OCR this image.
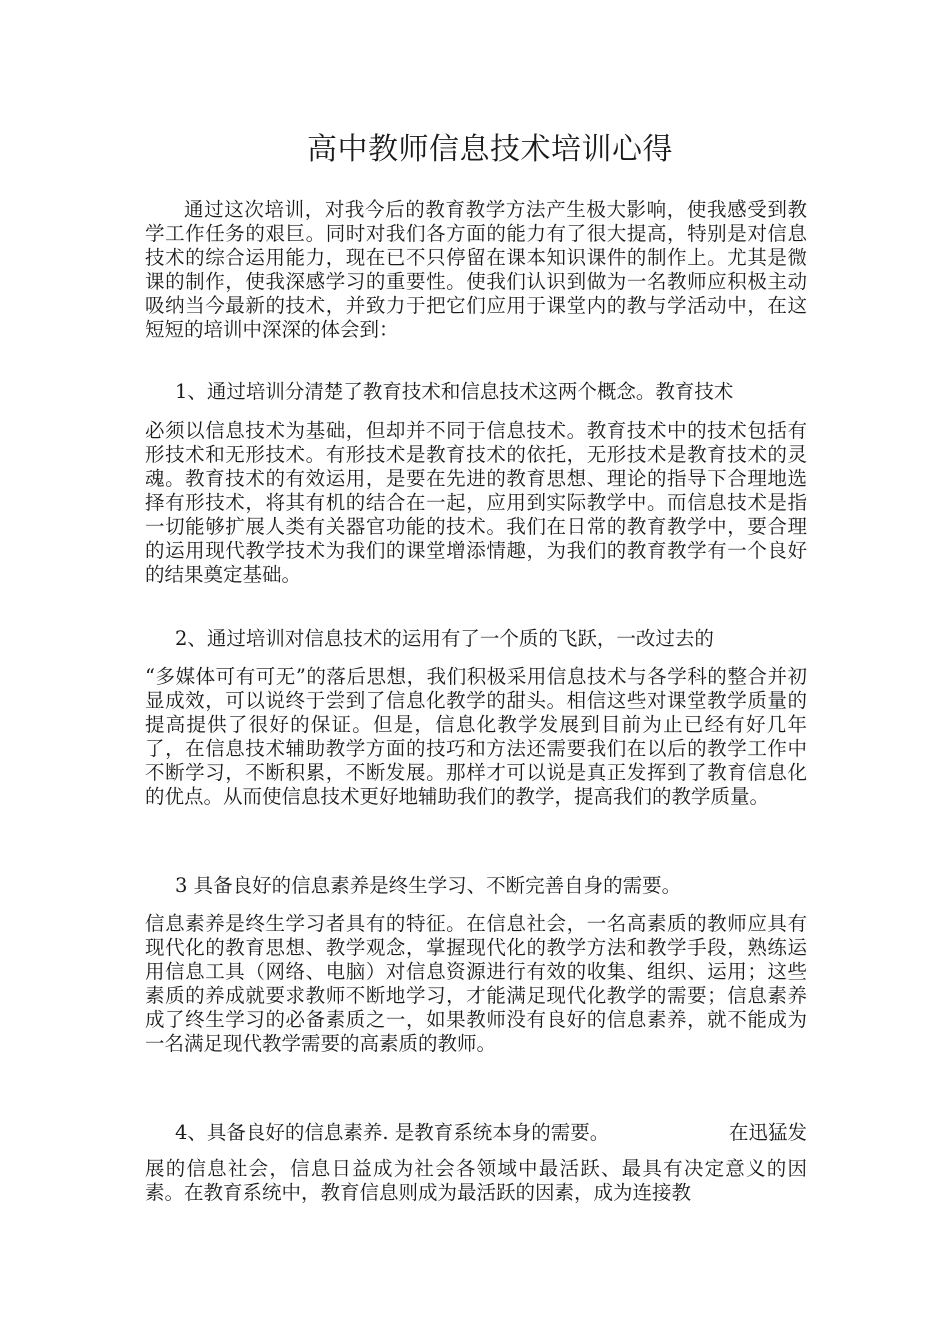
高中教师信息技术培训心得
通过这次培训，对我今后的教育教学方法产生极大影响，使我感受到教学工作任务的艰巨。同时对我们各方面的能力有了很大提高，特别是对信息技术的综合运用能力，现在已不只停留在课本知识课件的制作上。尤其是微课的制作，使我深感学习的重要性。使我们认识到做为一名教师应积极主动吸纳当今最新的技术，并致力于把它们应用于课堂内的教与学活动中，在这短短的培训中深深的体会到：
1、通过培训分清楚了教育技术和信息技术这两个概念。教育技术
必须以信息技术为基础，但却并不同于信息技术。教育技术中的技术包括有形技术和无形技术。有形技术是教育技术的依托，无形技术是教育技术的灵魂。教育技术的有效运用，是要在先进的教育思想、理论的指导下合理地选择有形技术，将其有机的结合在一起，应用到实际教学中。而信息技术是指一切能够扩展人类有关器官功能的技术。我们在日常的教育教学中，要合理的运用现代教学技术为我们的课堂增添情趣，为我们的教育教学有一个良好的结果奠定基础。
2、通过培训对信息技术的运用有了一个质的飞跃，一改过去的
“多媒体可有可无”的落后思想，我们积极采用信息技术与各学科的整合并初显成效，可以说终于尝到了信息化教学的甜头。相信这些对课堂教学质量的提高提供了很好的保证。但是，信息化教学发展到目前为止已经有好几年了，在信息技术辅助教学方面的技巧和方法还需要我们在以后的教学工作中不断学习，不断积累，不断发展。那样才可以说是真正发挥到了教育信息化的优点。从而使信息技术更好地辅助我们的教学，提高我们的教学质量。
3 具备良好的信息素养是终生学习、不断完善自身的需要。
信息素养是终生学习者具有的特征。在信息社会，一名高素质的教师应具有现代化的教育思想、教学观念，掌握现代化的教学方法和教学手段，熟练运用信息工具（网络、电脑）对信息资源进行有效的收集、组织、运用；这些素质的养成就要求教师不断地学习，才能满足现代化教学的需要；信息素养成了终生学习的必备素质之一，如果教师没有良好的信息素养，就不能成为一名满足现代教学需要的高素质的教师。
4、具备良好的信息素养. 是教育系统本身的需要。	在迅猛发
展的信息社会，信息日益成为社会各领域中最活跃、最具有决定意义的因素。在教育系统中，教育信息则成为最活跃的因素，成为连接教
